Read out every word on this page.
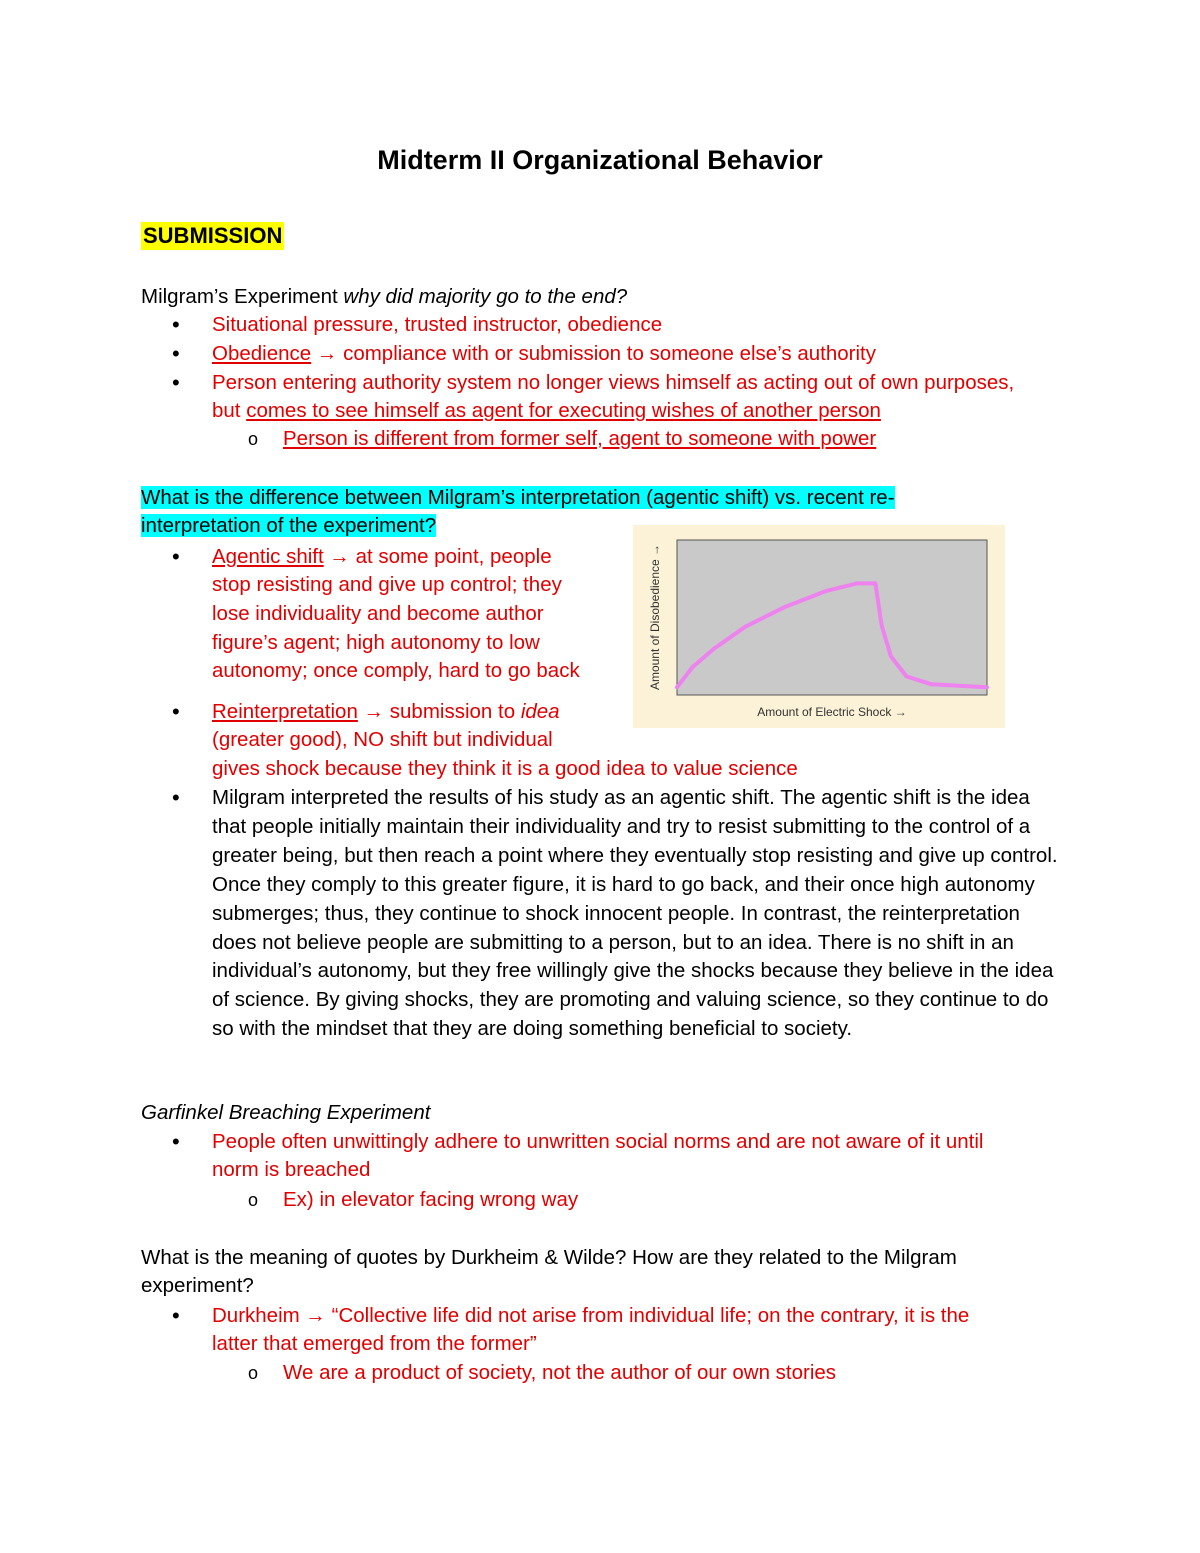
Midterm II Organizational Behavior
SUBMISSION
Milgram’s Experiment why did majority go to the end?
• Situational pressure, trusted instructor, obedience
• Obedience → compliance with or submission to someone else’s authority
• Person entering authority system no longer views himself as acting out of own purposes,
but comes to see himself as agent for executing wishes of another person
o Person is different from former self, agent to someone with power
What is the difference between Milgram’s interpretation (agentic shift) vs. recent re-
interpretation of the experiment?
• Agentic shift → at some point, people
stop resisting and give up control; they
lose individuality and become author
figure’s agent; high autonomy to low
autonomy; once comply, hard to go back
• Reinterpretation → submission to idea
(greater good), NO shift but individual
gives shock because they think it is a good idea to value science
• Milgram interpreted the results of his study as an agentic shift. The agentic shift is the idea that people initially maintain their individuality and try to resist submitting to the control of a greater being, but then reach a point where they eventually stop resisting and give up control. Once they comply to this greater figure, it is hard to go back, and their once high autonomy submerges; thus, they continue to shock innocent people. In contrast, the reinterpretation does not believe people are submitting to a person, but to an idea. There is no shift in an individual’s autonomy, but they free willingly give the shocks because they believe in the idea of science. By giving shocks, they are promoting and valuing science, so they continue to do so with the mindset that they are doing something beneficial to society.
Amount of Electric Shock →
Amount of Disobedience →
Garfinkel Breaching Experiment
• People often unwittingly adhere to unwritten social norms and are not aware of it until
norm is breached
o Ex) in elevator facing wrong way
What is the meaning of quotes by Durkheim & Wilde? How are they related to the Milgram
experiment?
• Durkheim → “Collective life did not arise from individual life; on the contrary, it is the
latter that emerged from the former”
o We are a product of society, not the author of our own stories
